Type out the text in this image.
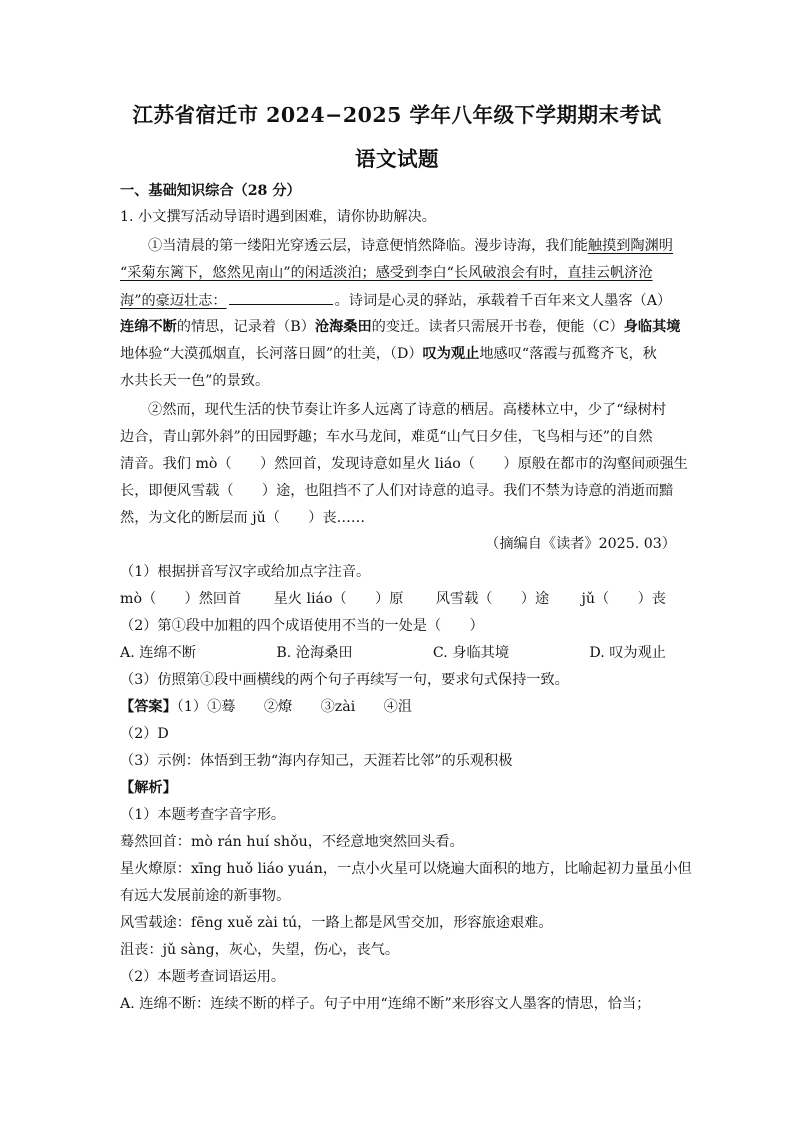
江苏省宿迁市 2024−2025 学年八年级下学期期末考试
语文试题
一、基础知识综合（28 分）
1. 小文撰写活动导语时遇到困难，请你协助解决。
①当清晨的第一缕阳光穿透云层，诗意便悄然降临。漫步诗海，我们能触摸到陶渊明
“采菊东篱下，悠然见南山”的闲适淡泊；感受到李白“长风破浪会有时，直挂云帆济沧
海”的豪迈壮志：	。诗词是心灵的驿站，承载着千百年来文人墨客（A）
连绵不断的情思，记录着（B）沧海桑田的变迁。读者只需展开书卷，便能（C）身临其境
地体验“大漠孤烟直，长河落日圆”的壮美，（D）叹为观止地感叹“落霞与孤鹜齐飞，秋
水共长天一色”的景致。
②然而，现代生活的快节奏让许多人远离了诗意的栖居。高楼林立中，少了“绿树村
边合，青山郭外斜”的田园野趣；车水马龙间，难觅“山气日夕佳，飞鸟相与还”的自然
清音。我们 mò（　　）然回首，发现诗意如星火 liáo（　　）原般在都市的沟壑间顽强生
长，即便风雪载（　　）途，也阻挡不了人们对诗意的追寻。我们不禁为诗意的消逝而黯
然，为文化的断层而 jǔ（　　）丧……
（摘编自《读者》2025. 03）
（1）根据拼音写汉字或给加点字注音。
mò（　　）然回首 星火 liáo（　　）原 风雪载（　　）途 jǔ（　　）丧
（2）第①段中加粗的四个成语使用不当的一处是（　　）
A. 连绵不断	B. 沧海桑田	C. 身临其境	D. 叹为观止
（3）仿照第①段中画横线的两个句子再续写一句，要求句式保持一致。
【答案】（1）①蓦　　②燎　　③zài　　④沮
（2）D
（3）示例：体悟到王勃“海内存知己，天涯若比邻”的乐观积极
【解析】
（1）本题考查字音字形。
蓦然回首：mò rán huí shǒu，不经意地突然回头看。
星火燎原：xīng huǒ liáo yuán，一点小火星可以烧遍大面积的地方，比喻起初力量虽小但
有远大发展前途的新事物。
风雪载途：fēng xuě zài tú，一路上都是风雪交加，形容旅途艰难。
沮丧：jǔ sàng，灰心，失望，伤心，丧气。
（2）本题考查词语运用。
A. 连绵不断：连续不断的样子。句子中用“连绵不断”来形容文人墨客的情思，恰当；
